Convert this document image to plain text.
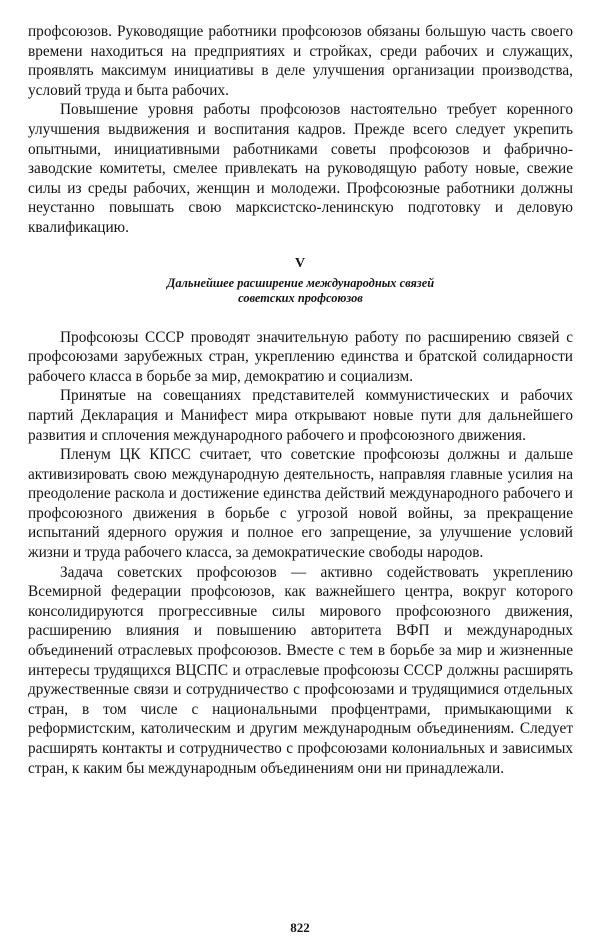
профсоюзов. Руководящие работники профсоюзов обязаны большую часть своего времени находиться на предприятиях и стройках, среди рабочих и служащих, проявлять максимум инициативы в деле улучшения организации производства, условий труда и быта рабочих.

Повышение уровня работы профсоюзов настоятельно требует коренного улучшения выдвижения и воспитания кадров. Прежде всего следует укрепить опытными, инициативными работниками советы профсоюзов и фабрично-заводские комитеты, смелее привлекать на руководящую работу новые, свежие силы из среды рабочих, женщин и молодежи. Профсоюзные работники должны неустанно повышать свою марксистско-ленинскую подготовку и деловую квалификацию.

V

Дальнейшее расширение международных связей

советских профсоюзов

Профсоюзы СССР проводят значительную работу по расширению связей с профсоюзами зарубежных стран, укреплению единства и братской солидарности рабочего класса в борьбе за мир, демократию и социализм.

Принятые на совещаниях представителей коммунистических и рабочих партий Декларация и Манифест мира открывают новые пути для дальнейшего развития и сплочения международного рабочего и профсоюзного движения.

Пленум ЦК КПСС считает, что советские профсоюзы должны и дальше активизировать свою международную деятельность, направляя главные усилия на преодоление раскола и достижение единства действий международного рабочего и профсоюзного движения в борьбе с угрозой новой войны, за прекращение испытаний ядерного оружия и полное его запрещение, за улучшение условий жизни и труда рабочего класса, за демократические свободы народов.

Задача советских профсоюзов — активно содействовать укреплению Всемирной федерации профсоюзов, как важнейшего центра, вокруг которого консолидируются прогрессивные силы мирового профсоюзного движения, расширению влияния и повышению авторитета ВФП и международных объединений отраслевых профсоюзов. Вместе с тем в борьбе за мир и жизненные интересы трудящихся ВЦСПС и отраслевые профсоюзы СССР должны расширять дружественные связи и сотрудничество с профсоюзами и трудящимися отдельных стран, в том числе с национальными профцентрами, примыкающими к реформистским, католическим и другим международным объединениям. Следует расширять контакты и сотрудничество с профсоюзами колониальных и зависимых стран, к каким бы международным объединениям они ни принадлежали.

822
